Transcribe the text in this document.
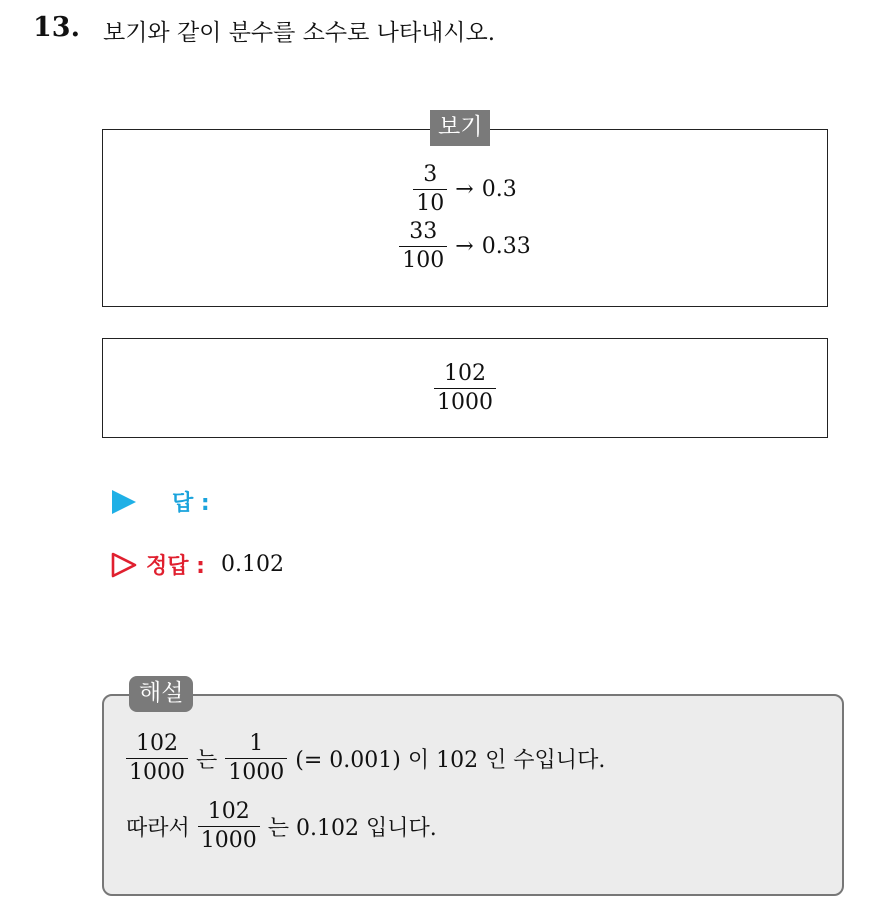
13. 보기와 같이 분수를 소수로 나타내시오.
보기
$\frac{3}{10} \to 0.3$
$\frac{33}{100} \to 0.33$
$\frac{102}{1000}$
답 :
정답 : 0.102
해설
$\frac{102}{1000}$ 는 $\frac{1}{1000}$ (= 0.001) 이 102 인 수입니다.
따라서 $\frac{102}{1000}$ 는 0.102 입니다.
